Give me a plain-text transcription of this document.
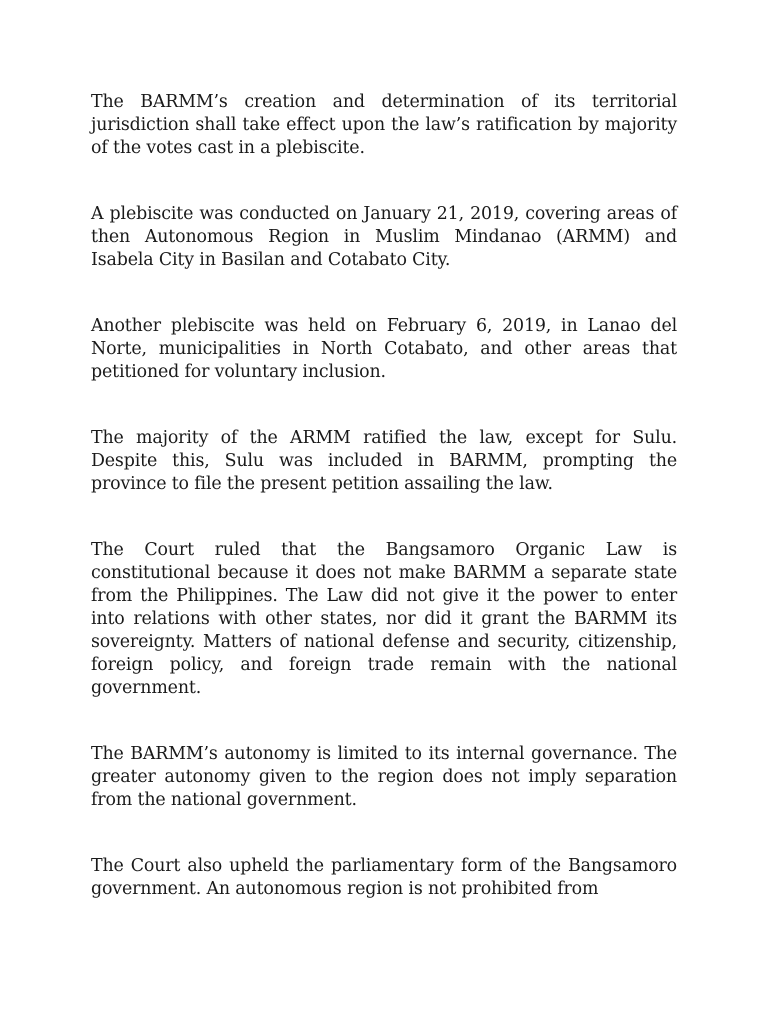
The BARMM’s creation and determination of its territorial jurisdiction shall take effect upon the law’s ratification by majority of the votes cast in a plebiscite.

A plebiscite was conducted on January 21, 2019, covering areas of then Autonomous Region in Muslim Mindanao (ARMM) and Isabela City in Basilan and Cotabato City.

Another plebiscite was held on February 6, 2019, in Lanao del Norte, municipalities in North Cotabato, and other areas that petitioned for voluntary inclusion.

The majority of the ARMM ratified the law, except for Sulu. Despite this, Sulu was included in BARMM, prompting the province to file the present petition assailing the law.

The Court ruled that the Bangsamoro Organic Law is constitutional because it does not make BARMM a separate state from the Philippines. The Law did not give it the power to enter into relations with other states, nor did it grant the BARMM its sovereignty. Matters of national defense and security, citizenship, foreign policy, and foreign trade remain with the national government.

The BARMM’s autonomy is limited to its internal governance. The greater autonomy given to the region does not imply separation from the national government.

The Court also upheld the parliamentary form of the Bangsamoro government. An autonomous region is not prohibited from
